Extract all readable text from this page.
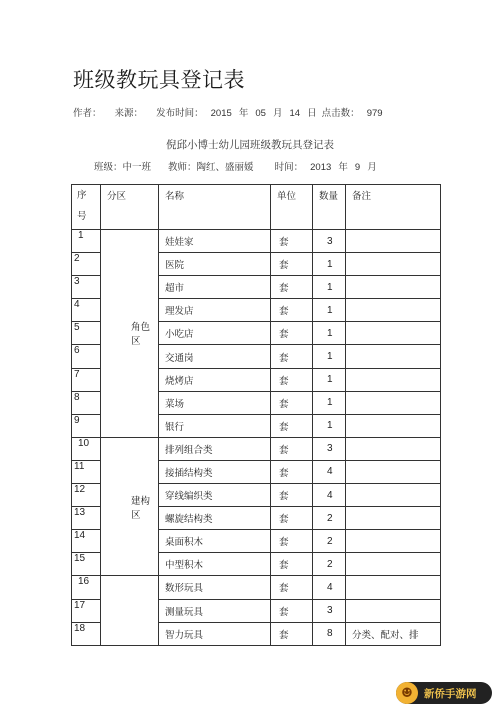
班级教玩具登记表
作者： 来源： 发布时间： 2015 年 05 月 14 日 点击数： 979
倪邱小博士幼儿园班级教玩具登记表
班级：中一班 教师：陶红、盛丽媛 时间： 2013 年 9 月
序
号	分区	名称	单位	数量	备注

1	角色区	娃娃家	套	3	
2		医院	套	1	
3		超市	套	1	
4		理发店	套	1	
5		小吃店	套	1	
6		交通岗	套	1	
7		烧烤店	套	1	
8		菜场	套	1	
9		银行	套	1	
10	建构区	排列组合类	套	3	
11		接插结构类	套	4	
12		穿线编织类	套	4	
13		螺旋结构类	套	2	
14		桌面积木	套	2	
15		中型积木	套	2	
16		数形玩具	套	4	
17		测量玩具	套	3	
18		智力玩具	套	8	分类、配对、排
☻	新侨手游网
